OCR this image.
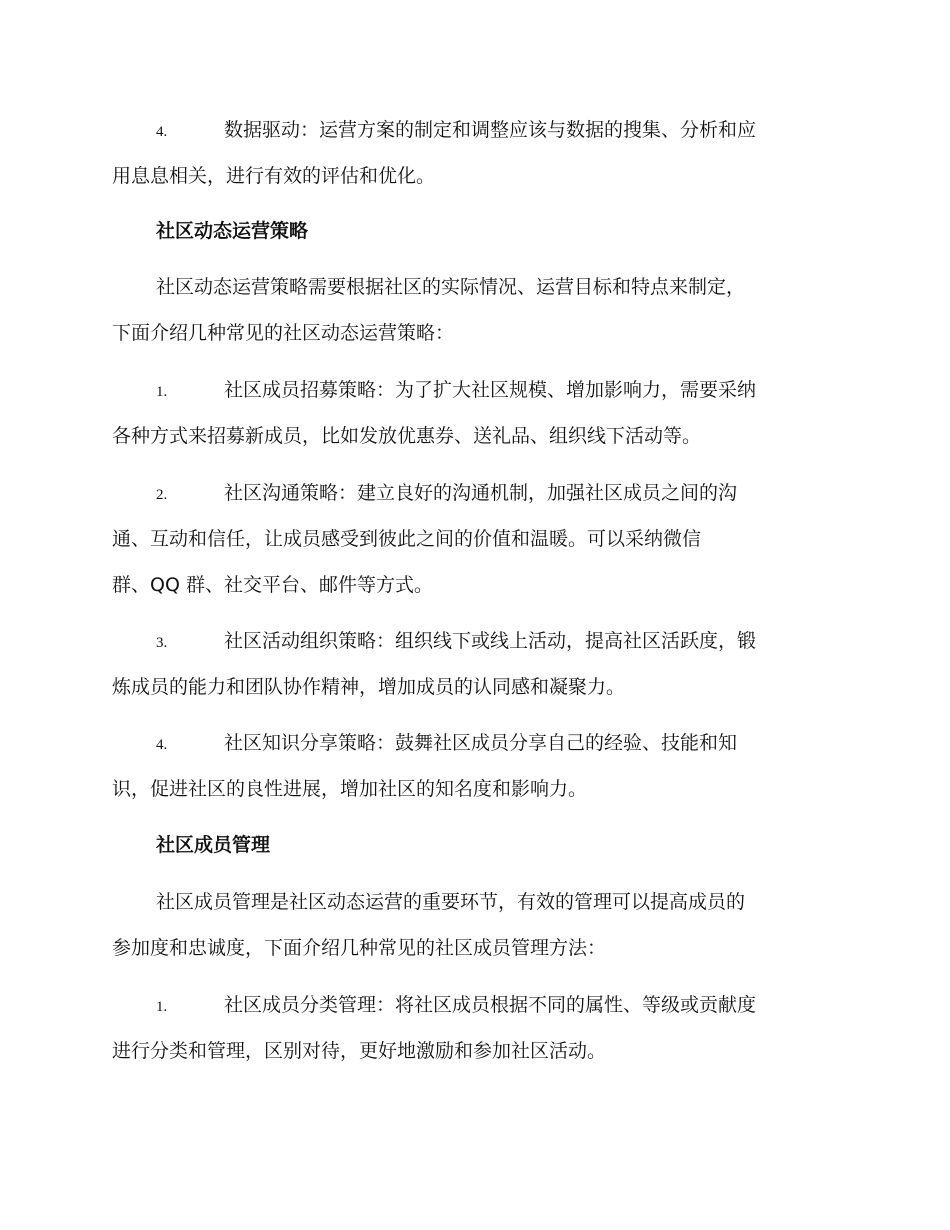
4.	数据驱动：运营方案的制定和调整应该与数据的搜集、分析和应
用息息相关，进行有效的评估和优化。
社区动态运营策略
社区动态运营策略需要根据社区的实际情况、运营目标和特点来制定，
下面介绍几种常见的社区动态运营策略：
1.	社区成员招募策略：为了扩大社区规模、增加影响力，需要采纳
各种方式来招募新成员，比如发放优惠券、送礼品、组织线下活动等。
2.	社区沟通策略：建立良好的沟通机制，加强社区成员之间的沟
通、互动和信任，让成员感受到彼此之间的价值和温暖。可以采纳微信
群、QQ 群、社交平台、邮件等方式。
3.	社区活动组织策略：组织线下或线上活动，提高社区活跃度，锻
炼成员的能力和团队协作精神，增加成员的认同感和凝聚力。
4.	社区知识分享策略：鼓舞社区成员分享自己的经验、技能和知
识，促进社区的良性进展，增加社区的知名度和影响力。
社区成员管理
社区成员管理是社区动态运营的重要环节，有效的管理可以提高成员的
参加度和忠诚度，下面介绍几种常见的社区成员管理方法：
1.	社区成员分类管理：将社区成员根据不同的属性、等级或贡献度
进行分类和管理，区别对待，更好地激励和参加社区活动。
